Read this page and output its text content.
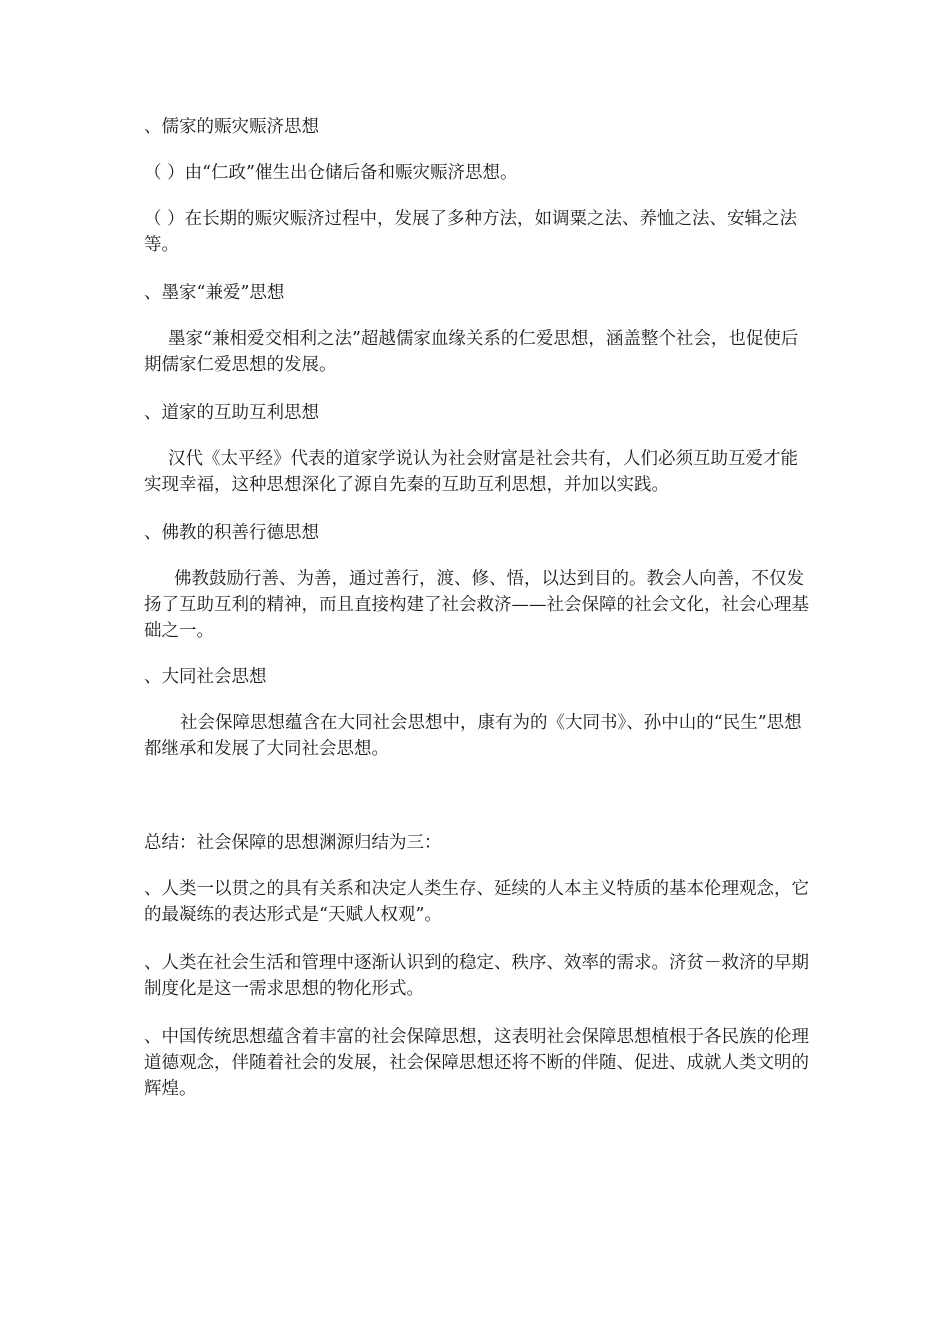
、儒家的赈灾赈济思想

（ ）由“仁政”催生出仓储后备和赈灾赈济思想。

（ ）在长期的赈灾赈济过程中，发展了多种方法，如调粟之法、养恤之法、安辑之法等。

、墨家“兼爱”思想

墨家“兼相爱交相利之法”超越儒家血缘关系的仁爱思想，涵盖整个社会，也促使后期儒家仁爱思想的发展。

、道家的互助互利思想

汉代《太平经》代表的道家学说认为社会财富是社会共有，人们必须互助互爱才能实现幸福，这种思想深化了源自先秦的互助互利思想，并加以实践。

、佛教的积善行德思想

佛教鼓励行善、为善，通过善行，渡、修、悟，以达到目的。教会人向善，不仅发扬了互助互利的精神，而且直接构建了社会救济——社会保障的社会文化，社会心理基础之一。

、大同社会思想

社会保障思想蕴含在大同社会思想中，康有为的《大同书》、孙中山的“民生”思想都继承和发展了大同社会思想。

总结：社会保障的思想渊源归结为三：

、人类一以贯之的具有关系和决定人类生存、延续的人本主义特质的基本伦理观念，它的最凝练的表达形式是“天赋人权观”。

、人类在社会生活和管理中逐渐认识到的稳定、秩序、效率的需求。济贫－救济的早期制度化是这一需求思想的物化形式。

、中国传统思想蕴含着丰富的社会保障思想，这表明社会保障思想植根于各民族的伦理道德观念，伴随着社会的发展，社会保障思想还将不断的伴随、促进、成就人类文明的辉煌。
